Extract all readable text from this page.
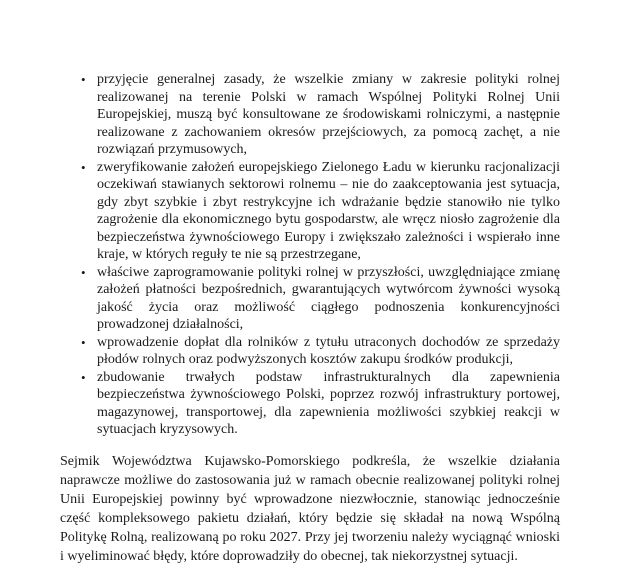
• przyjęcie generalnej zasady, że wszelkie zmiany w zakresie polityki rolnej realizowanej na terenie Polski w ramach Wspólnej Polityki Rolnej Unii Europejskiej, muszą być konsultowane ze środowiskami rolniczymi, a następnie realizowane z zachowaniem okresów przejściowych, za pomocą zachęt, a nie rozwiązań przymusowych,
• zweryfikowanie założeń europejskiego Zielonego Ładu w kierunku racjonalizacji oczekiwań stawianych sektorowi rolnemu – nie do zaakceptowania jest sytuacja, gdy zbyt szybkie i zbyt restrykcyjne ich wdrażanie będzie stanowiło nie tylko zagrożenie dla ekonomicznego bytu gospodarstw, ale wręcz niosło zagrożenie dla bezpieczeństwa żywnościowego Europy i zwiększało zależności i wspierało inne kraje, w których reguły te nie są przestrzegane,
• właściwe zaprogramowanie polityki rolnej w przyszłości, uwzględniające zmianę założeń płatności bezpośrednich, gwarantujących wytwórcom żywności wysoką jakość życia oraz możliwość ciągłego podnoszenia konkurencyjności prowadzonej działalności,
• wprowadzenie dopłat dla rolników z tytułu utraconych dochodów ze sprzedaży płodów rolnych oraz podwyższonych kosztów zakupu środków produkcji,
• zbudowanie trwałych podstaw infrastrukturalnych dla zapewnienia bezpieczeństwa żywnościowego Polski, poprzez rozwój infrastruktury portowej, magazynowej, transportowej, dla zapewnienia możliwości szybkiej reakcji w sytuacjach kryzysowych.

Sejmik Województwa Kujawsko-Pomorskiego podkreśla, że wszelkie działania naprawcze możliwe do zastosowania już w ramach obecnie realizowanej polityki rolnej Unii Europejskiej powinny być wprowadzone niezwłocznie, stanowiąc jednocześnie część kompleksowego pakietu działań, który będzie się składał na nową Wspólną Politykę Rolną, realizowaną po roku 2027. Przy jej tworzeniu należy wyciągnąć wnioski i wyeliminować błędy, które doprowadziły do obecnej, tak niekorzystnej sytuacji.
